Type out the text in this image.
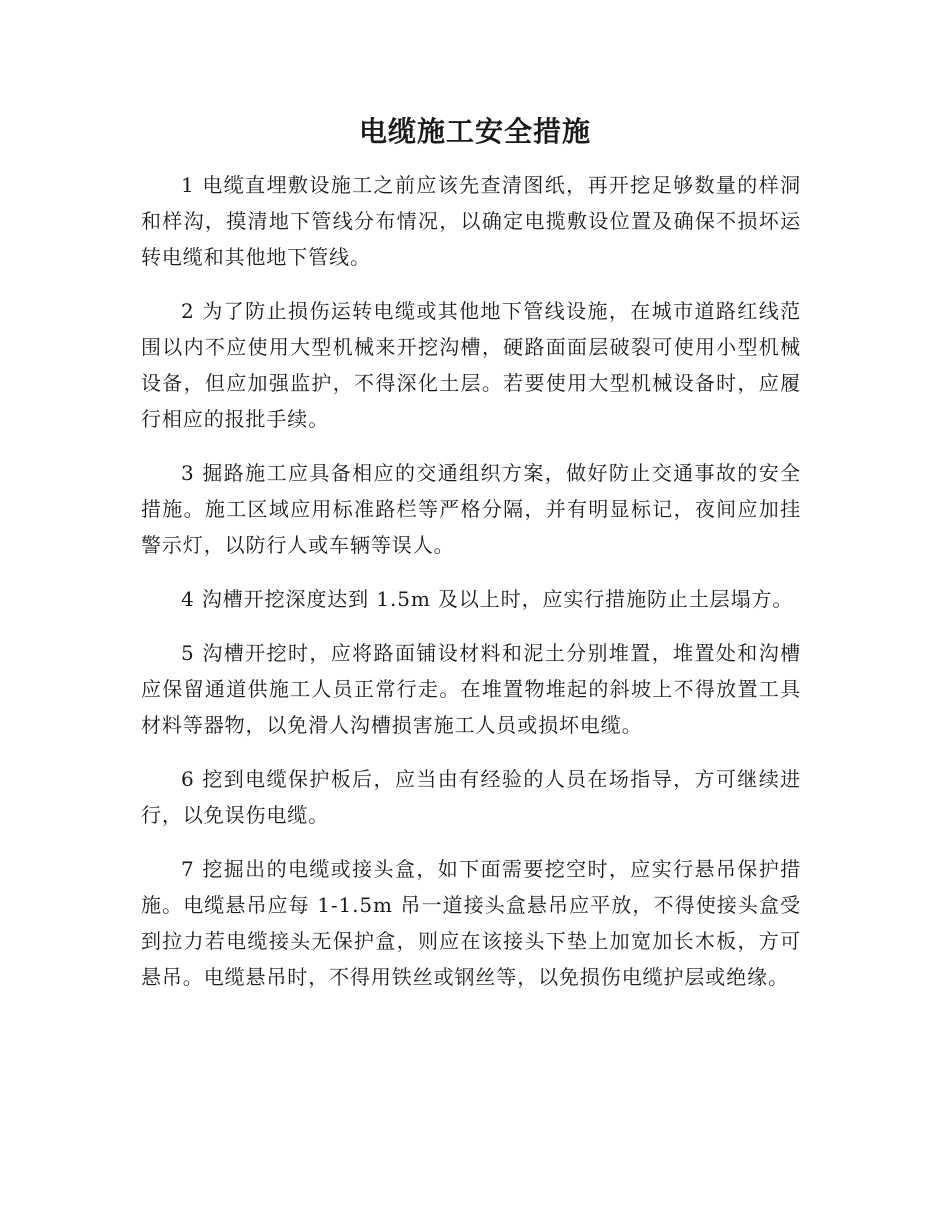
电缆施工安全措施

1 电缆直埋敷设施工之前应该先查清图纸，再开挖足够数量的样洞和样沟，摸清地下管线分布情况，以确定电揽敷设位置及确保不损坏运转电缆和其他地下管线。

2 为了防止损伤运转电缆或其他地下管线设施，在城市道路红线范围以内不应使用大型机械来开挖沟槽，硬路面面层破裂可使用小型机械设备，但应加强监护，不得深化土层。若要使用大型机械设备时，应履行相应的报批手续。

3 掘路施工应具备相应的交通组织方案，做好防止交通事故的安全措施。施工区域应用标准路栏等严格分隔，并有明显标记，夜间应加挂警示灯，以防行人或车辆等误人。

4 沟槽开挖深度达到 1.5m 及以上时，应实行措施防止土层塌方。

5 沟槽开挖时，应将路面铺设材料和泥土分别堆置，堆置处和沟槽应保留通道供施工人员正常行走。在堆置物堆起的斜坡上不得放置工具材料等器物，以免滑人沟槽损害施工人员或损坏电缆。

6 挖到电缆保护板后，应当由有经验的人员在场指导，方可继续进行，以免误伤电缆。

7 挖掘出的电缆或接头盒，如下面需要挖空时，应实行悬吊保护措施。电缆悬吊应每 1-1.5m 吊一道接头盒悬吊应平放，不得使接头盒受到拉力若电缆接头无保护盒，则应在该接头下垫上加宽加长木板，方可悬吊。电缆悬吊时，不得用铁丝或钢丝等，以免损伤电缆护层或绝缘。
